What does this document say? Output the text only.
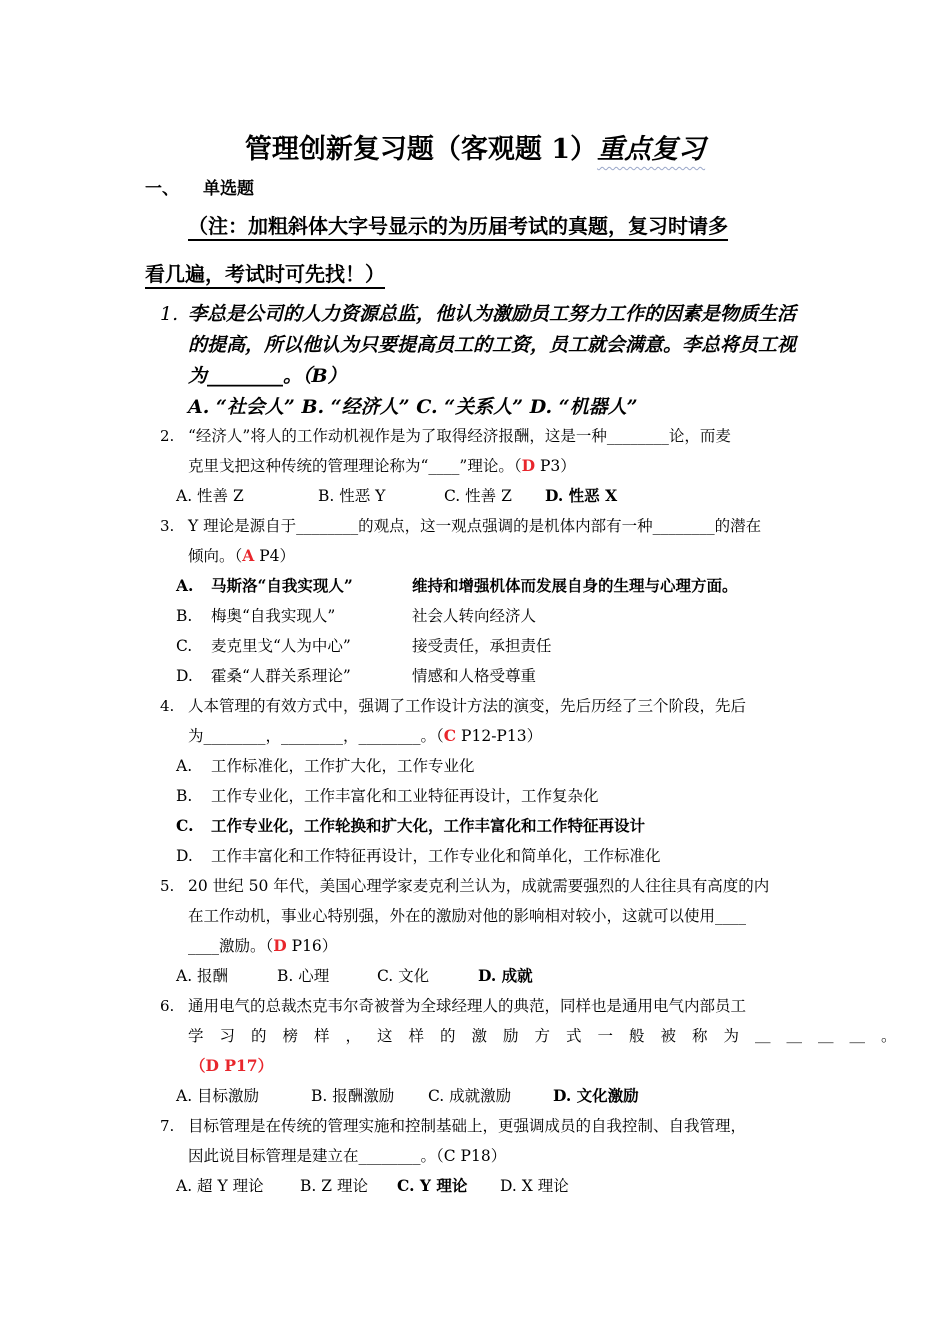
管理创新复习题（客观题 1）重点复习
一、 单选题
（注：加粗斜体大字号显示的为历届考试的真题，复习时请多
看几遍，考试时可先找！）
1. 李总是公司的人力资源总监，他认为激励员工努力工作的因素是物质生活
的提高，所以他认为只要提高员工的工资，员工就会满意。李总将员工视
为________。（B）
A. “社会人” B. “经济人” C. “关系人” D. “机器人”
2. “经济人”将人的工作动机视作是为了取得经济报酬，这是一种________论，而麦
克里戈把这种传统的管理理论称为“____”理论。（D P3）
A. 性善 Z	B. 性恶 Y	C. 性善 Z D. 性恶 X
3. Y 理论是源自于________的观点，这一观点强调的是机体内部有一种________的潜在
倾向。（A P4）
A. 马斯洛“自我实现人”	维持和增强机体而发展自身的生理与心理方面。
B. 梅奥“自我实现人”	社会人转向经济人
C. 麦克里戈“人为中心”	接受责任，承担责任
D. 霍桑“人群关系理论”	情感和人格受尊重
4. 人本管理的有效方式中，强调了工作设计方法的演变，先后历经了三个阶段，先后
为________，________，________。（C P12-P13）
A. 工作标准化，工作扩大化，工作专业化
B. 工作专业化，工作丰富化和工业特征再设计，工作复杂化
C. 工作专业化，工作轮换和扩大化，工作丰富化和工作特征再设计
D. 工作丰富化和工作特征再设计，工作专业化和简单化，工作标准化
5. 20 世纪 50 年代，美国心理学家麦克利兰认为，成就需要强烈的人往往具有高度的内
在工作动机，事业心特别强，外在的激励对他的影响相对较小，这就可以使用____
____激励。（D P16）
A. 报酬	B. 心理	C. 文化	D. 成就
6. 通用电气的总裁杰克韦尔奇被誉为全球经理人的典范，同样也是通用电气内部员工
学习的榜样，这样的激励方式一般被称为＿＿＿＿。
（D P17）
A. 目标激励	B. 报酬激励 C. 成就激励	D. 文化激励
7. 目标管理是在传统的管理实施和控制基础上，更强调成员的自我控制、自我管理，
因此说目标管理是建立在________。（C P18）
A. 超 Y 理论 B. Z 理论 C. Y 理论 D. X 理论
